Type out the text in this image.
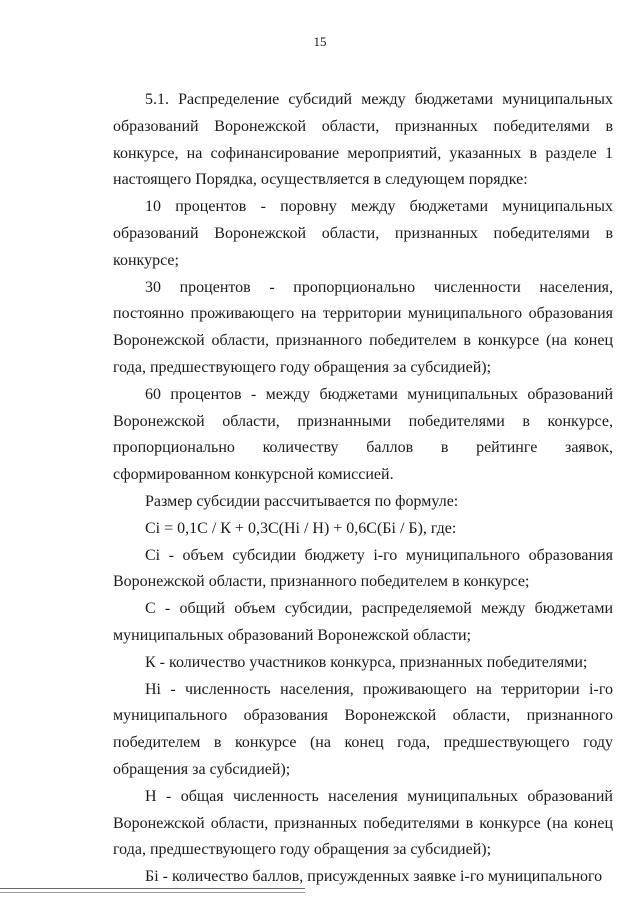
15

5.1. Распределение субсидий между бюджетами муниципальных образований Воронежской области, признанных победителями в конкурсе, на софинансирование мероприятий, указанных в разделе 1 настоящего Порядка, осуществляется в следующем порядке:

10 процентов - поровну между бюджетами муниципальных образований Воронежской области, признанных победителями в конкурсе;

30 процентов - пропорционально численности населения, постоянно проживающего на территории муниципального образования Воронежской области, признанного победителем в конкурсе (на конец года, предшествующего году обращения за субсидией);

60 процентов - между бюджетами муниципальных образований Воронежской области, признанными победителями в конкурсе, пропорционально количеству баллов в рейтинге заявок, сформированном конкурсной комиссией.

Размер субсидии рассчитывается по формуле:

Ci = 0,1C / К + 0,3C(Hi / H) + 0,6C(Бi / Б), где:

Ci - объем субсидии бюджету i-го муниципального образования Воронежской области, признанного победителем в конкурсе;

C - общий объем субсидии, распределяемой между бюджетами муниципальных образований Воронежской области;

К - количество участников конкурса, признанных победителями;

Hi - численность населения, проживающего на территории i-го муниципального образования Воронежской области, признанного победителем в конкурсе (на конец года, предшествующего году обращения за субсидией);

H - общая численность населения муниципальных образований Воронежской области, признанных победителями в конкурсе (на конец года, предшествующего году обращения за субсидией);

Бi - количество баллов, присужденных заявке i-го муниципального
